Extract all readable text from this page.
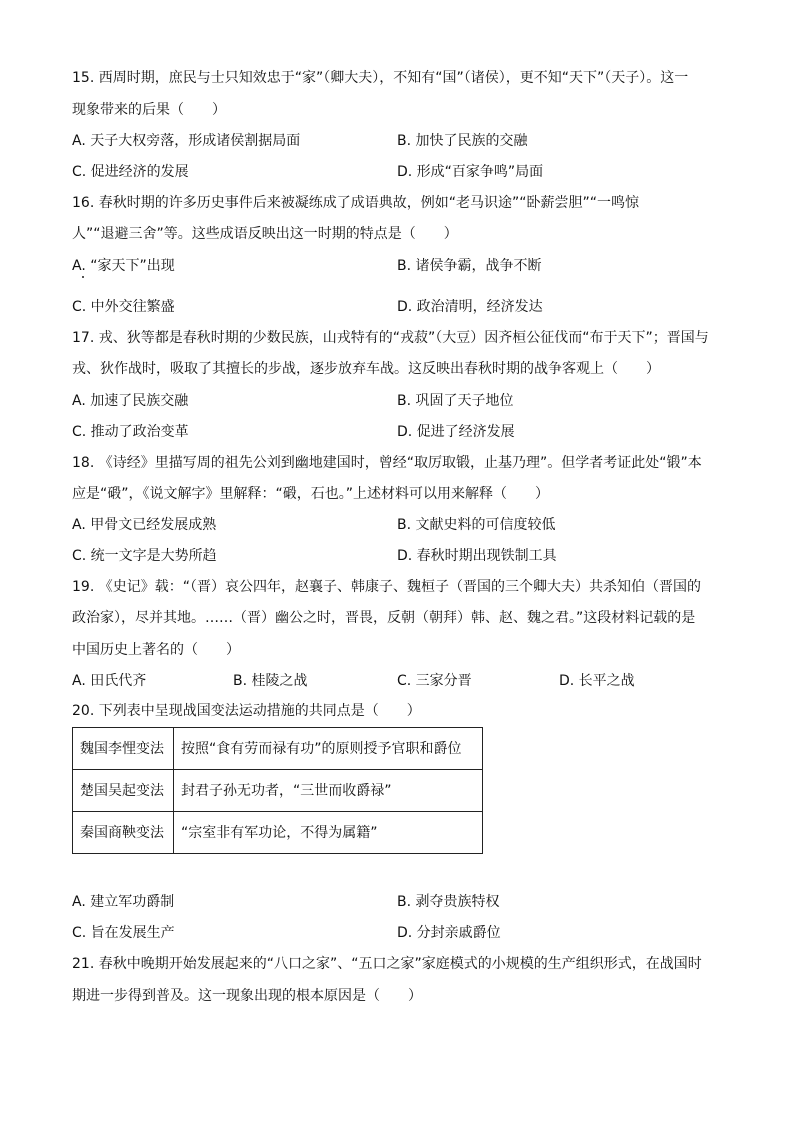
15. 西周时期，庶民与士只知效忠于“家”（卿大夫），不知有“国”（诸侯），更不知“天下”（天子）。这一
现象带来的后果（　　）
A. 天子大权旁落，形成诸侯割据局面	B. 加快了民族的交融
C. 促进经济的发展	D. 形成“百家争鸣”局面
16. 春秋时期的许多历史事件后来被凝练成了成语典故，例如“老马识途”“卧薪尝胆”“一鸣惊
人”“退避三舍”等。这些成语反映出这一时期的特点是（　　）
A. “家天下”出现	B. 诸侯争霸，战争不断
C. 中外交往繁盛	D. 政治清明，经济发达
17. 戎、狄等都是春秋时期的少数民族，山戎特有的“戎菽”（大豆）因齐桓公征伐而“布于天下”；晋国与
戎、狄作战时，吸取了其擅长的步战，逐步放弃车战。这反映出春秋时期的战争客观上（　　）
A. 加速了民族交融	B. 巩固了天子地位
C. 推动了政治变革	D. 促进了经济发展
18. 《诗经》里描写周的祖先公刘到幽地建国时，曾经“取厉取锻，止基乃理”。但学者考证此处“锻”本
应是“碫”，《说文解字》里解释：“碫，石也。”上述材料可以用来解释（　　）
A. 甲骨文已经发展成熟	B. 文献史料的可信度较低
C. 统一文字是大势所趋	D. 春秋时期出现铁制工具
19. 《史记》载：“（晋）哀公四年，赵襄子、韩康子、魏桓子（晋国的三个卿大夫）共杀知伯（晋国的
政治家），尽并其地。……（晋）幽公之时，晋畏，反朝（朝拜）韩、赵、魏之君。”这段材料记载的是
中国历史上著名的（　　）
A. 田氏代齐	B. 桂陵之战	C. 三家分晋	D. 长平之战
20. 下列表中呈现战国变法运动措施的共同点是（　　）
魏国李悝变法	按照“食有劳而禄有功”的原则授予官职和爵位
楚国吴起变法	封君子孙无功者，“三世而收爵禄”
秦国商鞅变法	“宗室非有军功论，不得为属籍”
A. 建立军功爵制	B. 剥夺贵族特权
C. 旨在发展生产	D. 分封亲戚爵位
21. 春秋中晚期开始发展起来的“八口之家”、“五口之家”家庭模式的小规模的生产组织形式，在战国时
期进一步得到普及。这一现象出现的根本原因是（　　）
